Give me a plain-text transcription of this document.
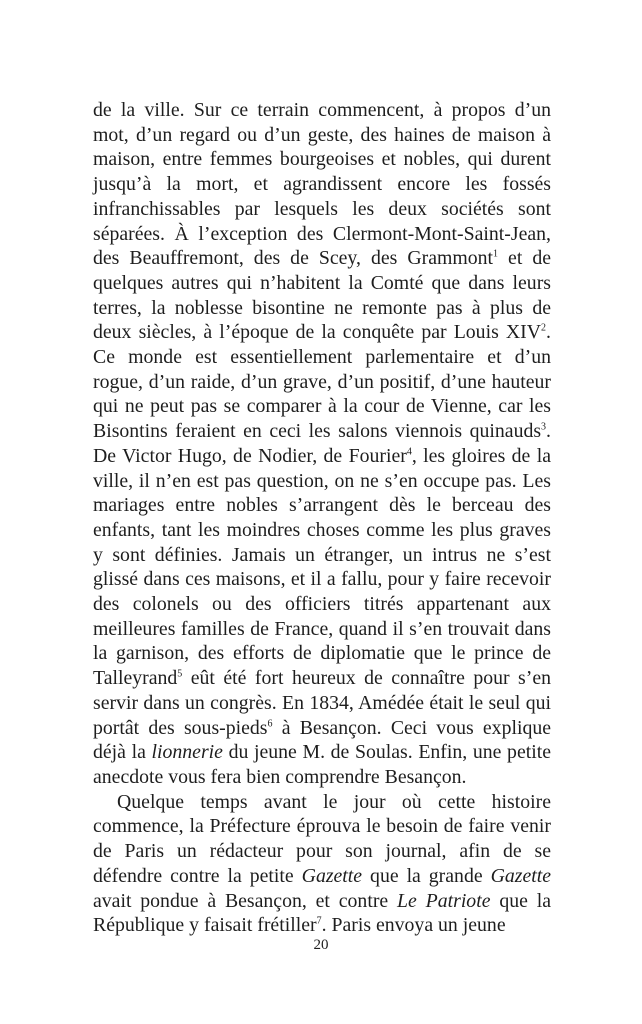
de la ville. Sur ce terrain commencent, à propos d’un mot, d’un regard ou d’un geste, des haines de maison à maison, entre femmes bourgeoises et nobles, qui durent jusqu’à la mort, et agrandissent encore les fossés infranchissables par lesquels les deux sociétés sont séparées. À l’exception des Clermont-Mont-Saint-Jean, des Beauffremont, des de Scey, des Grammont$^1$ et de quelques autres qui n’habitent la Comté que dans leurs terres, la noblesse bisontine ne remonte pas à plus de deux siècles, à l’époque de la conquête par Louis XIV$^2$. Ce monde est essentiellement parlementaire et d’un rogue, d’un raide, d’un grave, d’un positif, d’une hauteur qui ne peut pas se comparer à la cour de Vienne, car les Bisontins feraient en ceci les salons viennois quinauds$^3$. De Victor Hugo, de Nodier, de Fourier$^4$, les gloires de la ville, il n’en est pas question, on ne s’en occupe pas. Les mariages entre nobles s’arrangent dès le berceau des enfants, tant les moindres choses comme les plus graves y sont définies. Jamais un étranger, un intrus ne s’est glissé dans ces maisons, et il a fallu, pour y faire recevoir des colonels ou des officiers titrés appartenant aux meilleures familles de France, quand il s’en trouvait dans la garnison, des efforts de diplomatie que le prince de Talleyrand$^5$ eût été fort heureux de connaître pour s’en servir dans un congrès. En 1834, Amédée était le seul qui portât des sous-pieds$^6$ à Besançon. Ceci vous explique déjà la lionnerie du jeune M. de Soulas. Enfin, une petite anecdote vous fera bien comprendre Besançon.

Quelque temps avant le jour où cette histoire commence, la Préfecture éprouva le besoin de faire venir de Paris un rédacteur pour son journal, afin de se défendre contre la petite Gazette que la grande Gazette avait pondue à Besançon, et contre Le Patriote que la République y faisait frétiller$^7$. Paris envoya un jeune

20
